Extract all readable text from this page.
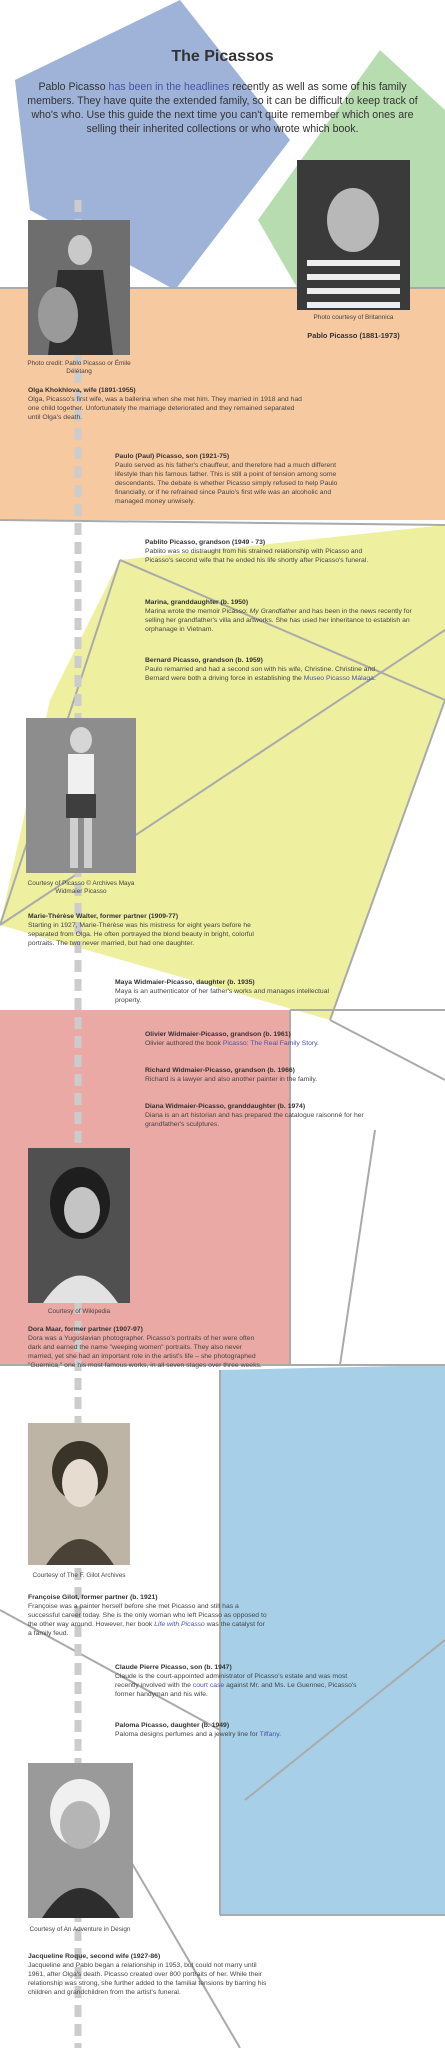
The Picassos
Pablo Picasso has been in the headlines recently as well as some of his family members. They have quite the extended family, so it can be difficult to keep track of who's who. Use this guide the next time you can't quite remember which ones are selling their inherited collections or who wrote which book.
Photo courtesy of Britannica
Pablo Picasso (1881-1973)
Photo credit: Pablo Picasso or Émile Délétang
Olga Khokhlova, wife (1891-1955)
Olga, Picasso's first wife, was a ballerina when she met him. They married in 1918 and had one child together. Unfortunately the marriage deteriorated and they remained separated until Olga's death.
Paulo (Paul) Picasso, son (1921-75)
Paulo served as his father's chauffeur, and therefore had a much different lifestyle than his famous father. This is still a point of tension among some descendants. The debate is whether Picasso simply refused to help Paulo financially, or if he refrained since Paulo's first wife was an alcoholic and managed money unwisely.
Pablito Picasso, grandson (1949 - 73)
Pablito was so distraught from his strained relationship with Picasso and Picasso's second wife that he ended his life shortly after Picasso's funeral.
Marina, granddaughter (b. 1950)
Marina wrote the memoir Picasso: My Grandfather and has been in the news recently for selling her grandfather's villa and artworks. She has used her inheritance to establish an orphanage in Vietnam.
Bernard Picasso, grandson (b. 1959)
Paulo remarried and had a second son with his wife, Christine. Christine and Bernard were both a driving force in establishing the Museo Picasso Málaga.
Courtesy of Picasso © Archives Maya Widmaier Picasso
Marie-Thérèse Walter, former partner (1909-77)
Starting in 1927, Marie-Thérèse was his mistress for eight years before he separated from Olga. He often portrayed the blond beauty in bright, colorful portraits. The two never married, but had one daughter.
Maya Widmaier-Picasso, daughter (b. 1935)
Maya is an authenticator of her father's works and manages intellectual property.
Olivier Widmaier-Picasso, grandson (b. 1961)
Olivier authored the book Picasso: The Real Family Story.
Richard Widmaier-Picasso, grandson (b. 1966)
Richard is a lawyer and also another painter in the family.
Diana Widmaier-Picasso, granddaughter (b. 1974)
Diana is an art historian and has prepared the catalogue raisonné for her grandfather's sculptures.
Courtesy of Wikipedia
Dora Maar, former partner (1907-97)
Dora was a Yugoslavian photographer. Picasso's portraits of her were often dark and earned the name "weeping women" portraits. They also never married, yet she had an important role in the artist's life – she photographed "Guernica," one his most famous works, in all seven stages over three weeks.
Courtesy of The F. Gilot Archives
Françoise Gilot, former partner (b. 1921)
Françoise was a painter herself before she met Picasso and still has a successful career today. She is the only woman who left Picasso as opposed to the other way around. However, her book Life with Picasso was the catalyst for a family feud.
Claude Pierre Picasso, son (b. 1947)
Claude is the court-appointed administrator of Picasso's estate and was most recently involved with the court case against Mr. and Ms. Le Guennec, Picasso's former handyman and his wife.
Paloma Picasso, daughter (b. 1949)
Paloma designs perfumes and a jewelry line for Tiffany.
Courtesy of An Adventure in Design
Jacqueline Roque, second wife (1927-86)
Jacqueline and Pablo began a relationship in 1953, but could not marry until 1961, after Olga's death. Picasso created over 800 portraits of her. While their relationship was strong, she further added to the familial tensions by barring his children and grandchildren from the artist's funeral.
